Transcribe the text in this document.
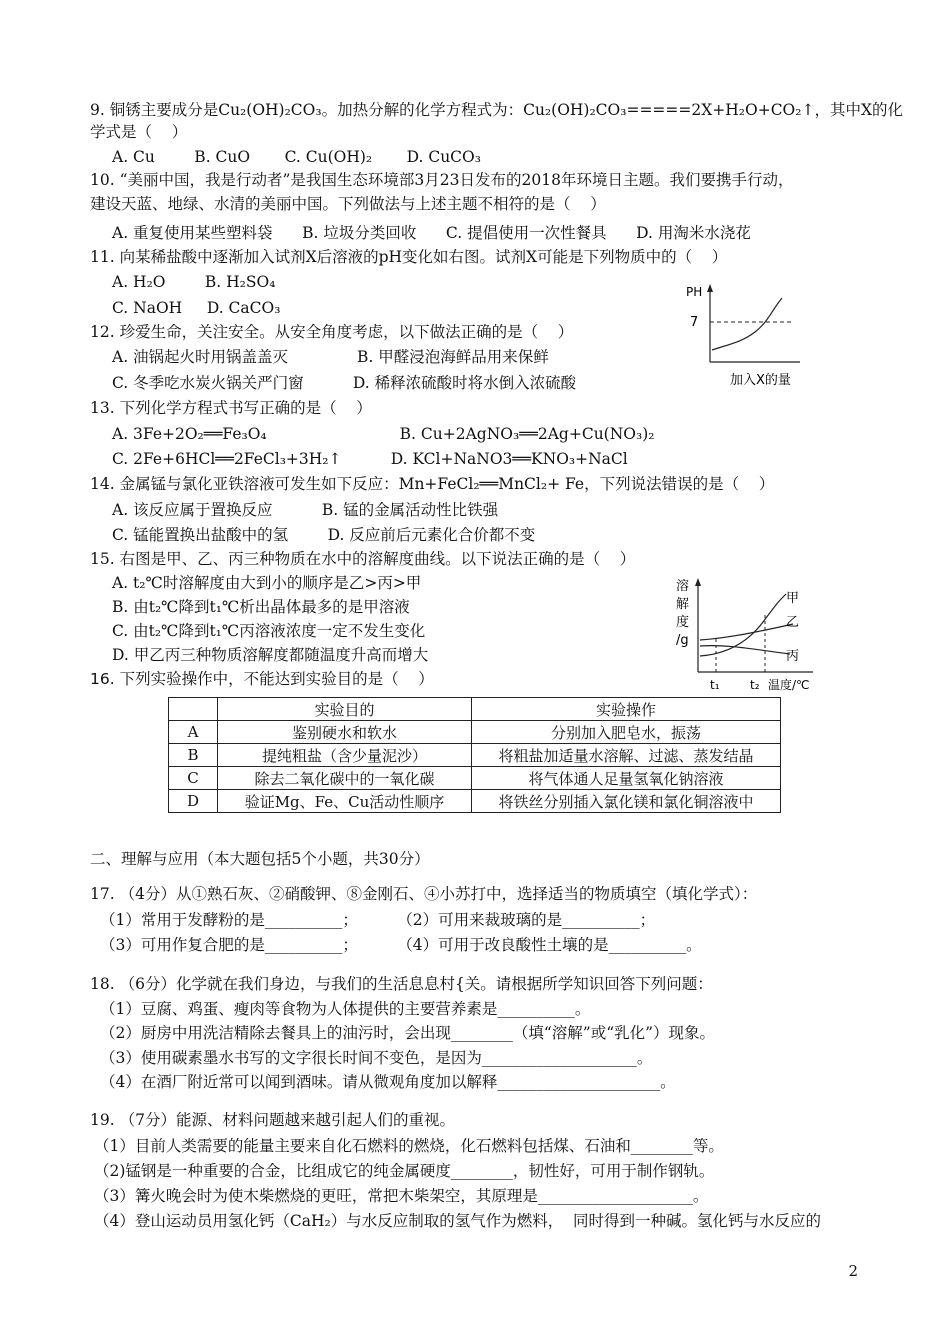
9. 铜锈主要成分是Cu₂(OH)₂CO₃。加热分解的化学方程式为：Cu₂(OH)₂CO₃=====2X+H₂O+CO₂↑，其中X的化
学式是（    ）
A. Cu        B. CuO       C. Cu(OH)₂       D. CuCO₃
10. “美丽中国，我是行动者”是我国生态环境部3月23日发布的2018年环境日主题。我们要携手行动，
建设天蓝、地绿、水清的美丽中国。下列做法与上述主题不相符的是（    ）
A. 重复使用某些塑料袋      B. 垃圾分类回收      C. 提倡使用一次性餐具      D. 用淘米水浇花
11. 向某稀盐酸中逐渐加入试剂X后溶液的pH变化如右图。试剂X可能是下列物质中的（    ）
A. H₂O        B. H₂SO₄
C. NaOH     D. CaCO₃
PH
7
加入X的量
12. 珍爱生命，关注安全。从安全角度考虑，以下做法正确的是（    ）
A. 油锅起火时用锅盖盖灭              B. 甲醛浸泡海鲜品用来保鲜
C. 冬季吃水炭火锅关严门窗          D. 稀释浓硫酸时将水倒入浓硫酸
13. 下列化学方程式书写正确的是（    ）
A. 3Fe+2O₂══Fe₃O₄                           B. Cu+2AgNO₃══2Ag+Cu(NO₃)₂
C. 2Fe+6HCl══2FeCl₃+3H₂↑          D. KCl+NaNO3══KNO₃+NaCl
14. 金属锰与氯化亚铁溶液可发生如下反应：Mn+FeCl₂══MnCl₂+ Fe，下列说法错误的是（    ）
A. 该反应属于置换反应          B. 锰的金属活动性比铁强
C. 锰能置换出盐酸中的氢        D. 反应前后元素化合价都不变
15. 右图是甲、乙、丙三种物质在水中的溶解度曲线。以下说法正确的是（    ）
A. t₂℃时溶解度由大到小的顺序是乙>丙>甲
B. 由t₂℃降到t₁℃析出晶体最多的是甲溶液
C. 由t₂℃降到t₁℃丙溶液浓度一定不发生变化
D. 甲乙丙三种物质溶解度都随温度升高而增大
溶
解
度
/g
甲
乙
丙
t₁	t₂ 温度/℃
16. 下列实验操作中，不能达到实验目的是（    ）
	实验目的	实验操作
A	鉴别硬水和软水	分别加入肥皂水，振荡
B	提纯粗盐（含少量泥沙）	将粗盐加适量水溶解、过滤、蒸发结晶
C	除去二氧化碳中的一氧化碳	将气体通人足量氢氧化钠溶液
D	验证Mg、Fe、Cu活动性顺序	将铁丝分别插入氯化镁和氯化铜溶液中
二、理解与应用（本大题包括5个小题，共30分）
17. （4分）从①熟石灰、②硝酸钾、⑧金刚石、④小苏打中，选择适当的物质填空（填化学式）：
（1）常用于发酵粉的是__________；        （2）可用来裁玻璃的是__________；
（3）可用作复合肥的是__________；        （4）可用于改良酸性土壤的是__________。
18. （6分）化学就在我们身边，与我们的生活息息村{关。请根据所学知识回答下列问题：
（1）豆腐、鸡蛋、瘦肉等食物为人体提供的主要营养素是__________。
（2）厨房中用洗洁精除去餐具上的油污时，会出现________（填“溶解”或“乳化”）现象。
（3）使用碳素墨水书写的文字很长时间不变色，是因为____________________。
（4）在酒厂附近常可以闻到酒味。请从微观角度加以解释_____________________。
19. （7分）能源、材料问题越来越引起人们的重视。
（1）目前人类需要的能量主要来自化石燃料的燃烧，化石燃料包括煤、石油和________等。
（2)锰钢是一种重要的合金，比组成它的纯金属硬度________，韧性好，可用于制作钢轨。
（3）篝火晚会时为使木柴燃烧的更旺，常把木柴架空，其原理是____________________。
（4）登山运动员用氢化钙（CaH₂）与水反应制取的氢气作为燃料，  同时得到一种碱。氢化钙与水反应的
2
